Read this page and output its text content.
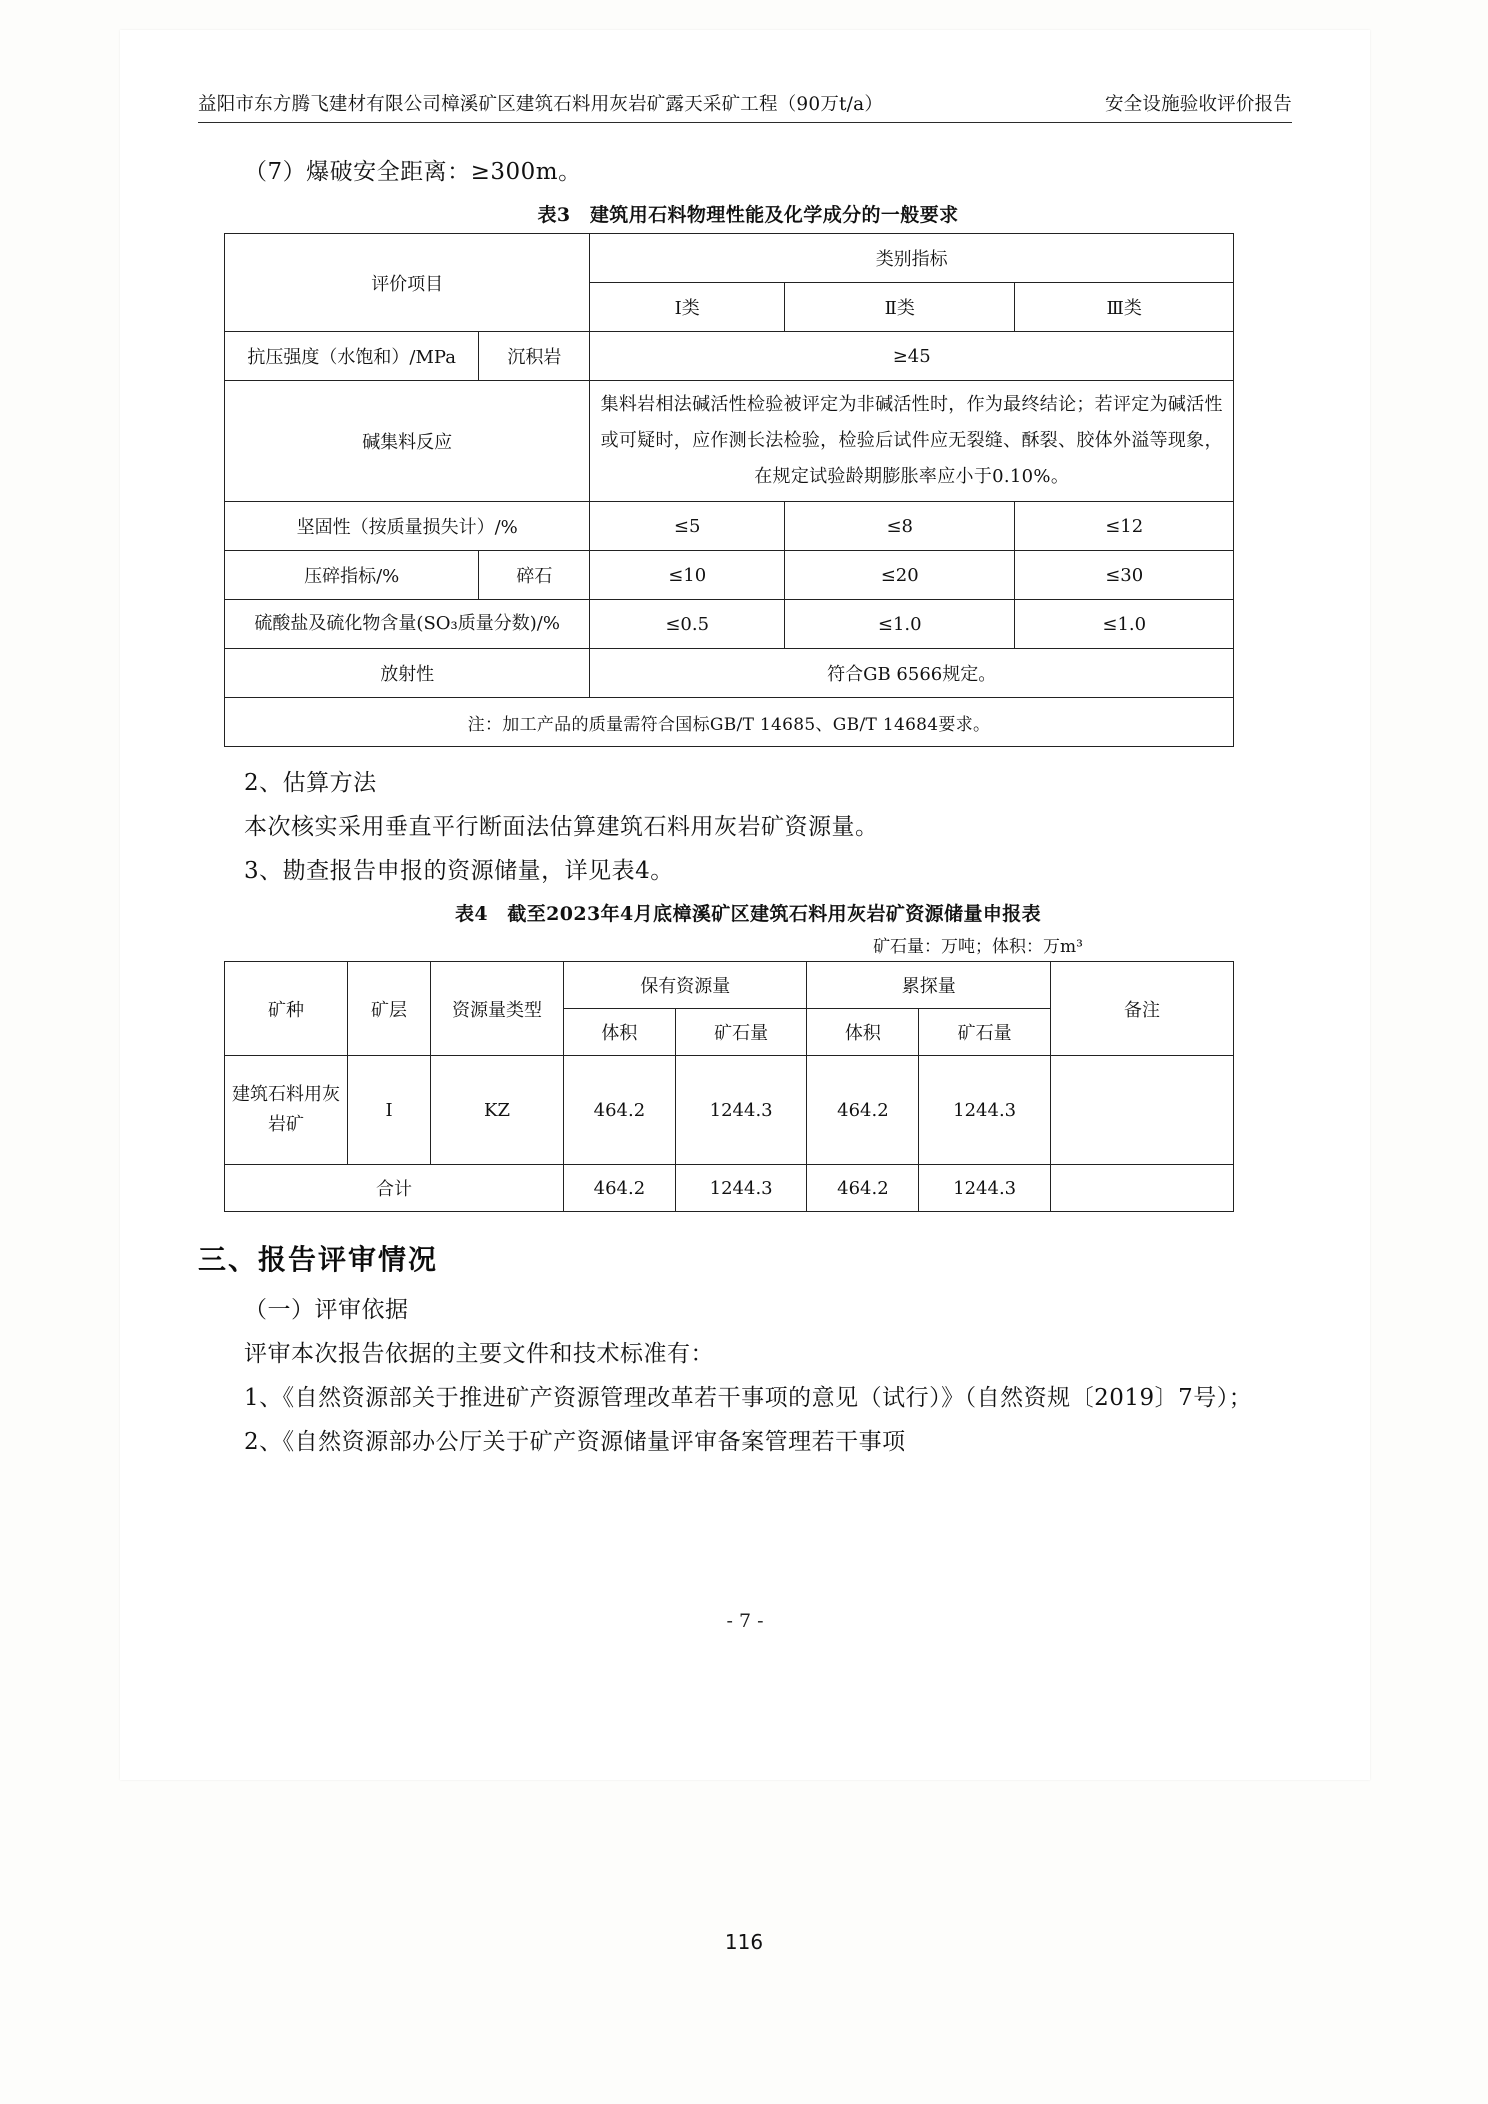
益阳市东方腾飞建材有限公司樟溪矿区建筑石料用灰岩矿露天采矿工程（90万t/a）	安全设施验收评价报告

（7）爆破安全距离：≥300m。

表3　建筑用石料物理性能及化学成分的一般要求
评价项目		类别指标		
		Ⅰ类	Ⅱ类	Ⅲ类
抗压强度（水饱和）/MPa	沉积岩	≥45		
碱集料反应		集料岩相法碱活性检验被评定为非碱活性时，作为最终结论；若评定为碱活性或可疑时，应作测长法检验，检验后试件应无裂缝、酥裂、胶体外溢等现象，在规定试验龄期膨胀率应小于0.10%。		
坚固性（按质量损失计）/%		≤5	≤8	≤12
压碎指标/%	碎石	≤10	≤20	≤30
硫酸盐及硫化物含量(SO₃质量分数)/%		≤0.5	≤1.0	≤1.0
放射性		符合GB 6566规定。		
注：加工产品的质量需符合国标GB/T 14685、GB/T 14684要求。				

2、估算方法

本次核实采用垂直平行断面法估算建筑石料用灰岩矿资源量。

3、勘查报告申报的资源储量，详见表4。

表4　截至2023年4月底樟溪矿区建筑石料用灰岩矿资源储量申报表
矿石量：万吨；体积：万m³
矿种	矿层	资源量类型	保有资源量		累探量		备注
			体积	矿石量	体积	矿石量	
建筑石料用灰岩矿	Ⅰ	KZ	464.2	1244.3	464.2	1244.3	
合计			464.2	1244.3	464.2	1244.3	
三、报告评审情况

（一）评审依据

评审本次报告依据的主要文件和技术标准有：

1、《自然资源部关于推进矿产资源管理改革若干事项的意见（试行）》（自然资规〔2019〕7号）；

2、《自然资源部办公厅关于矿产资源储量评审备案管理若干事项

- 7 -
116
